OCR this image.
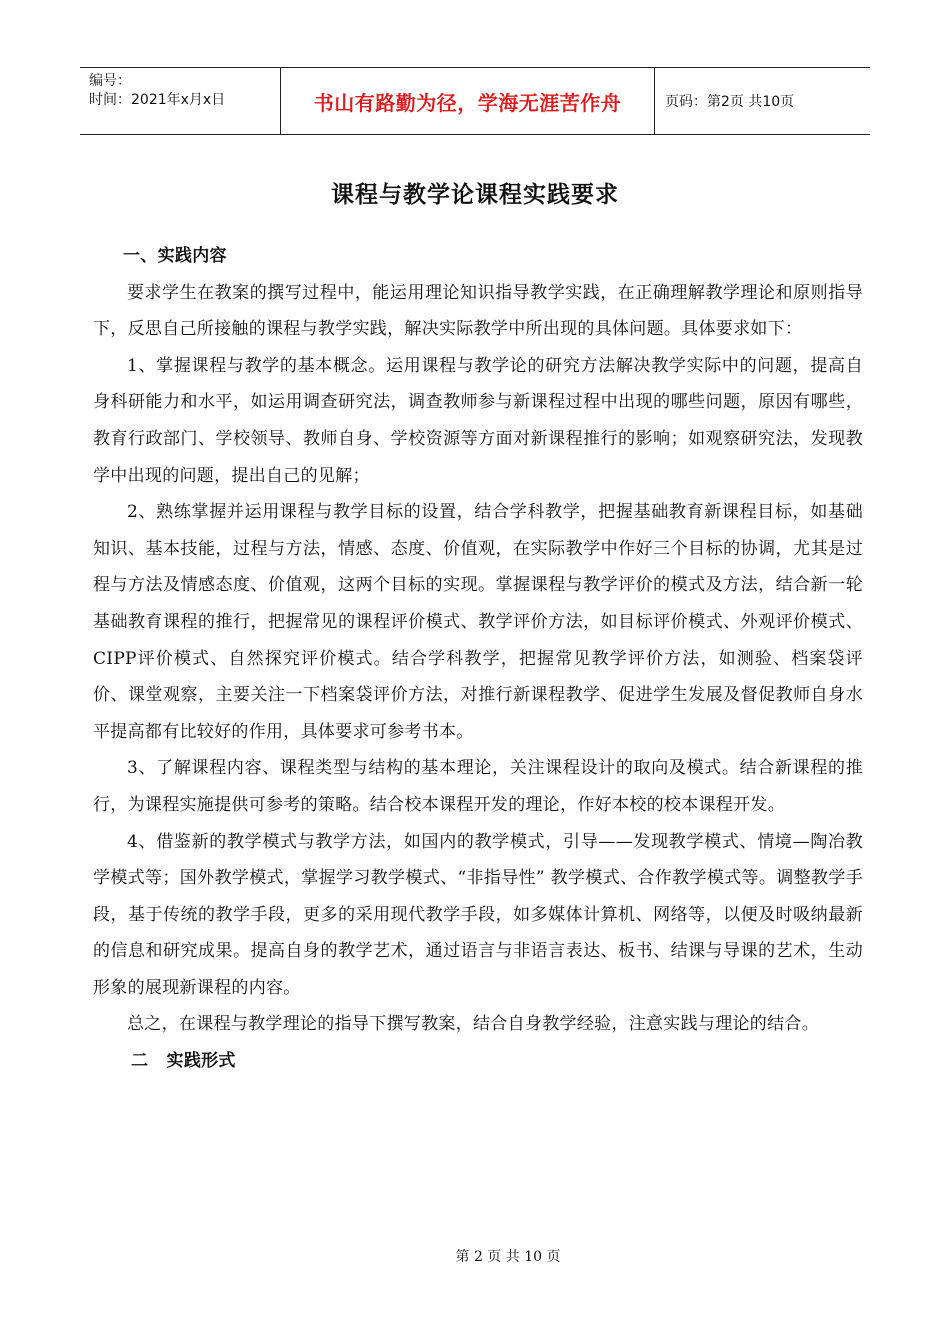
编号：
时间：2021年x月x日	书山有路勤为径，学海无涯苦作舟	页码：第2页 共10页
课程与教学论课程实践要求

一、实践内容

要求学生在教案的撰写过程中，能运用理论知识指导教学实践，在正确理解教学理论和原则指导下，反思自己所接触的课程与教学实践，解决实际教学中所出现的具体问题。具体要求如下：

1、掌握课程与教学的基本概念。运用课程与教学论的研究方法解决教学实际中的问题，提高自身科研能力和水平，如运用调查研究法，调查教师参与新课程过程中出现的哪些问题，原因有哪些，教育行政部门、学校领导、教师自身、学校资源等方面对新课程推行的影响；如观察研究法，发现教学中出现的问题，提出自己的见解；

2、熟练掌握并运用课程与教学目标的设置，结合学科教学，把握基础教育新课程目标，如基础知识、基本技能，过程与方法，情感、态度、价值观，在实际教学中作好三个目标的协调，尤其是过程与方法及情感态度、价值观，这两个目标的实现。掌握课程与教学评价的模式及方法，结合新一轮基础教育课程的推行，把握常见的课程评价模式、教学评价方法，如目标评价模式、外观评价模式、CIPP评价模式、自然探究评价模式。结合学科教学，把握常见教学评价方法，如测验、档案袋评价、课堂观察，主要关注一下档案袋评价方法，对推行新课程教学、促进学生发展及督促教师自身水平提高都有比较好的作用，具体要求可参考书本。

3、了解课程内容、课程类型与结构的基本理论，关注课程设计的取向及模式。结合新课程的推行，为课程实施提供可参考的策略。结合校本课程开发的理论，作好本校的校本课程开发。

4、借鉴新的教学模式与教学方法，如国内的教学模式，引导——发现教学模式、情境—陶冶教学模式等；国外教学模式，掌握学习教学模式、“非指导性” 教学模式、合作教学模式等。调整教学手段，基于传统的教学手段，更多的采用现代教学手段，如多媒体计算机、网络等，以便及时吸纳最新的信息和研究成果。提高自身的教学艺术，通过语言与非语言表达、板书、结课与导课的艺术，生动形象的展现新课程的内容。

总之，在课程与教学理论的指导下撰写教案，结合自身教学经验，注意实践与理论的结合。

二 实践形式

第 2 页 共 10 页
